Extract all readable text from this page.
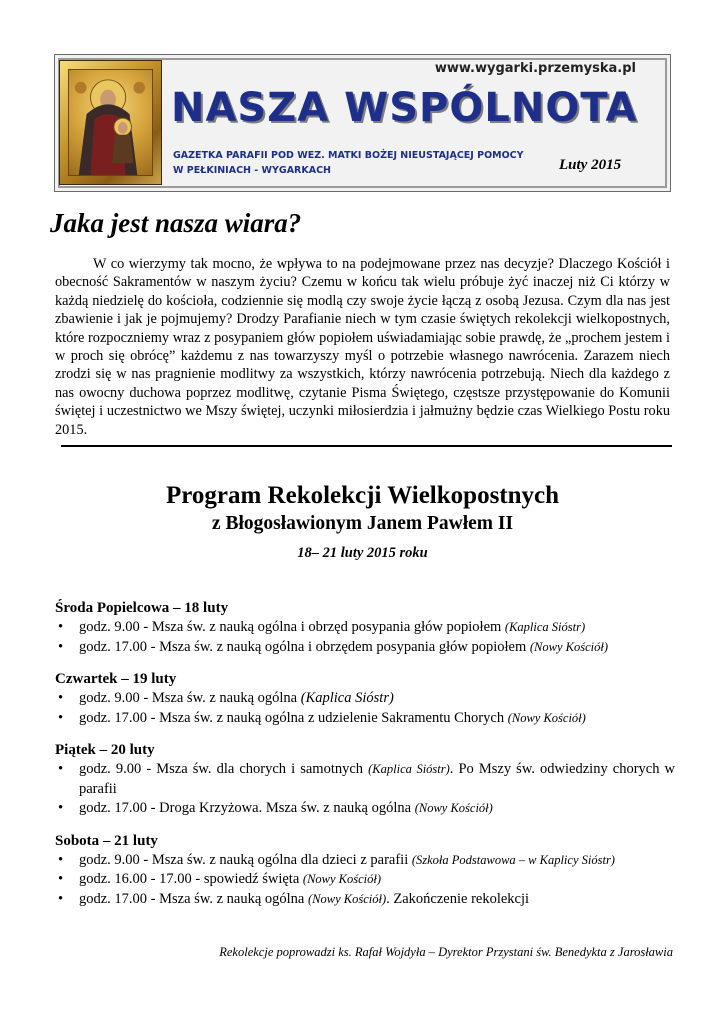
www.wygarki.przemyska.pl
NASZA WSPÓLNOTA
GAZETKA PARAFII POD WEZ. MATKI BOŻEJ NIEUSTAJĄCEJ POMOCY
W PEŁKINIACH - WYGARKACH	Luty 2015
Jaka jest nasza wiara?
W co wierzymy tak mocno, że wpływa to na podejmowane przez nas decyzje? Dlaczego Kościół i obecność Sakramentów w naszym życiu? Czemu w końcu tak wielu próbuje żyć inaczej niż Ci którzy w każdą niedzielę do kościoła, codziennie się modlą czy swoje życie łączą z osobą Jezusa. Czym dla nas jest zbawienie i jak je pojmujemy? Drodzy Parafianie niech w tym czasie świętych rekolekcji wielkopostnych, które rozpoczniemy wraz z posypaniem głów popiołem uświadamiając sobie prawdę, że „prochem jestem i w proch się obrócę” każdemu z nas towarzyszy myśl o potrzebie własnego nawrócenia. Zarazem niech zrodzi się w nas pragnienie modlitwy za wszystkich, którzy nawrócenia potrzebują. Niech dla każdego z nas owocny duchowa poprzez modlitwę, czytanie Pisma Świętego, częstsze przystępowanie do Komunii świętej i uczestnictwo we Mszy świętej, uczynki miłosierdzia i jałmużny będzie czas Wielkiego Postu roku 2015.
Program Rekolekcji Wielkopostnych
z Błogosławionym Janem Pawłem II
18– 21 luty 2015 roku
Środa Popielcowa – 18 luty
• godz. 9.00 - Msza św. z nauką ogólna i obrzęd posypania głów popiołem (Kaplica Sióstr)
• godz. 17.00 - Msza św. z nauką ogólna i obrzędem posypania głów popiołem (Nowy Kościół)
Czwartek – 19 luty
• godz. 9.00 - Msza św. z nauką ogólna (Kaplica Sióstr)
• godz. 17.00 - Msza św. z nauką ogólna z udzielenie Sakramentu Chorych (Nowy Kościół)
Piątek – 20 luty
• godz. 9.00 - Msza św. dla chorych i samotnych (Kaplica Sióstr). Po Mszy św. odwiedziny chorych w parafii
• godz. 17.00 - Droga Krzyżowa. Msza św. z nauką ogólna (Nowy Kościół)
Sobota – 21 luty
• godz. 9.00 - Msza św. z nauką ogólna dla dzieci z parafii (Szkoła Podstawowa – w Kaplicy Sióstr)
• godz. 16.00 - 17.00 - spowiedź święta (Nowy Kościół)
• godz. 17.00 - Msza św. z nauką ogólna (Nowy Kościół). Zakończenie rekolekcji
Rekolekcje poprowadzi ks. Rafał Wojdyła – Dyrektor Przystani św. Benedykta z Jarosławia
